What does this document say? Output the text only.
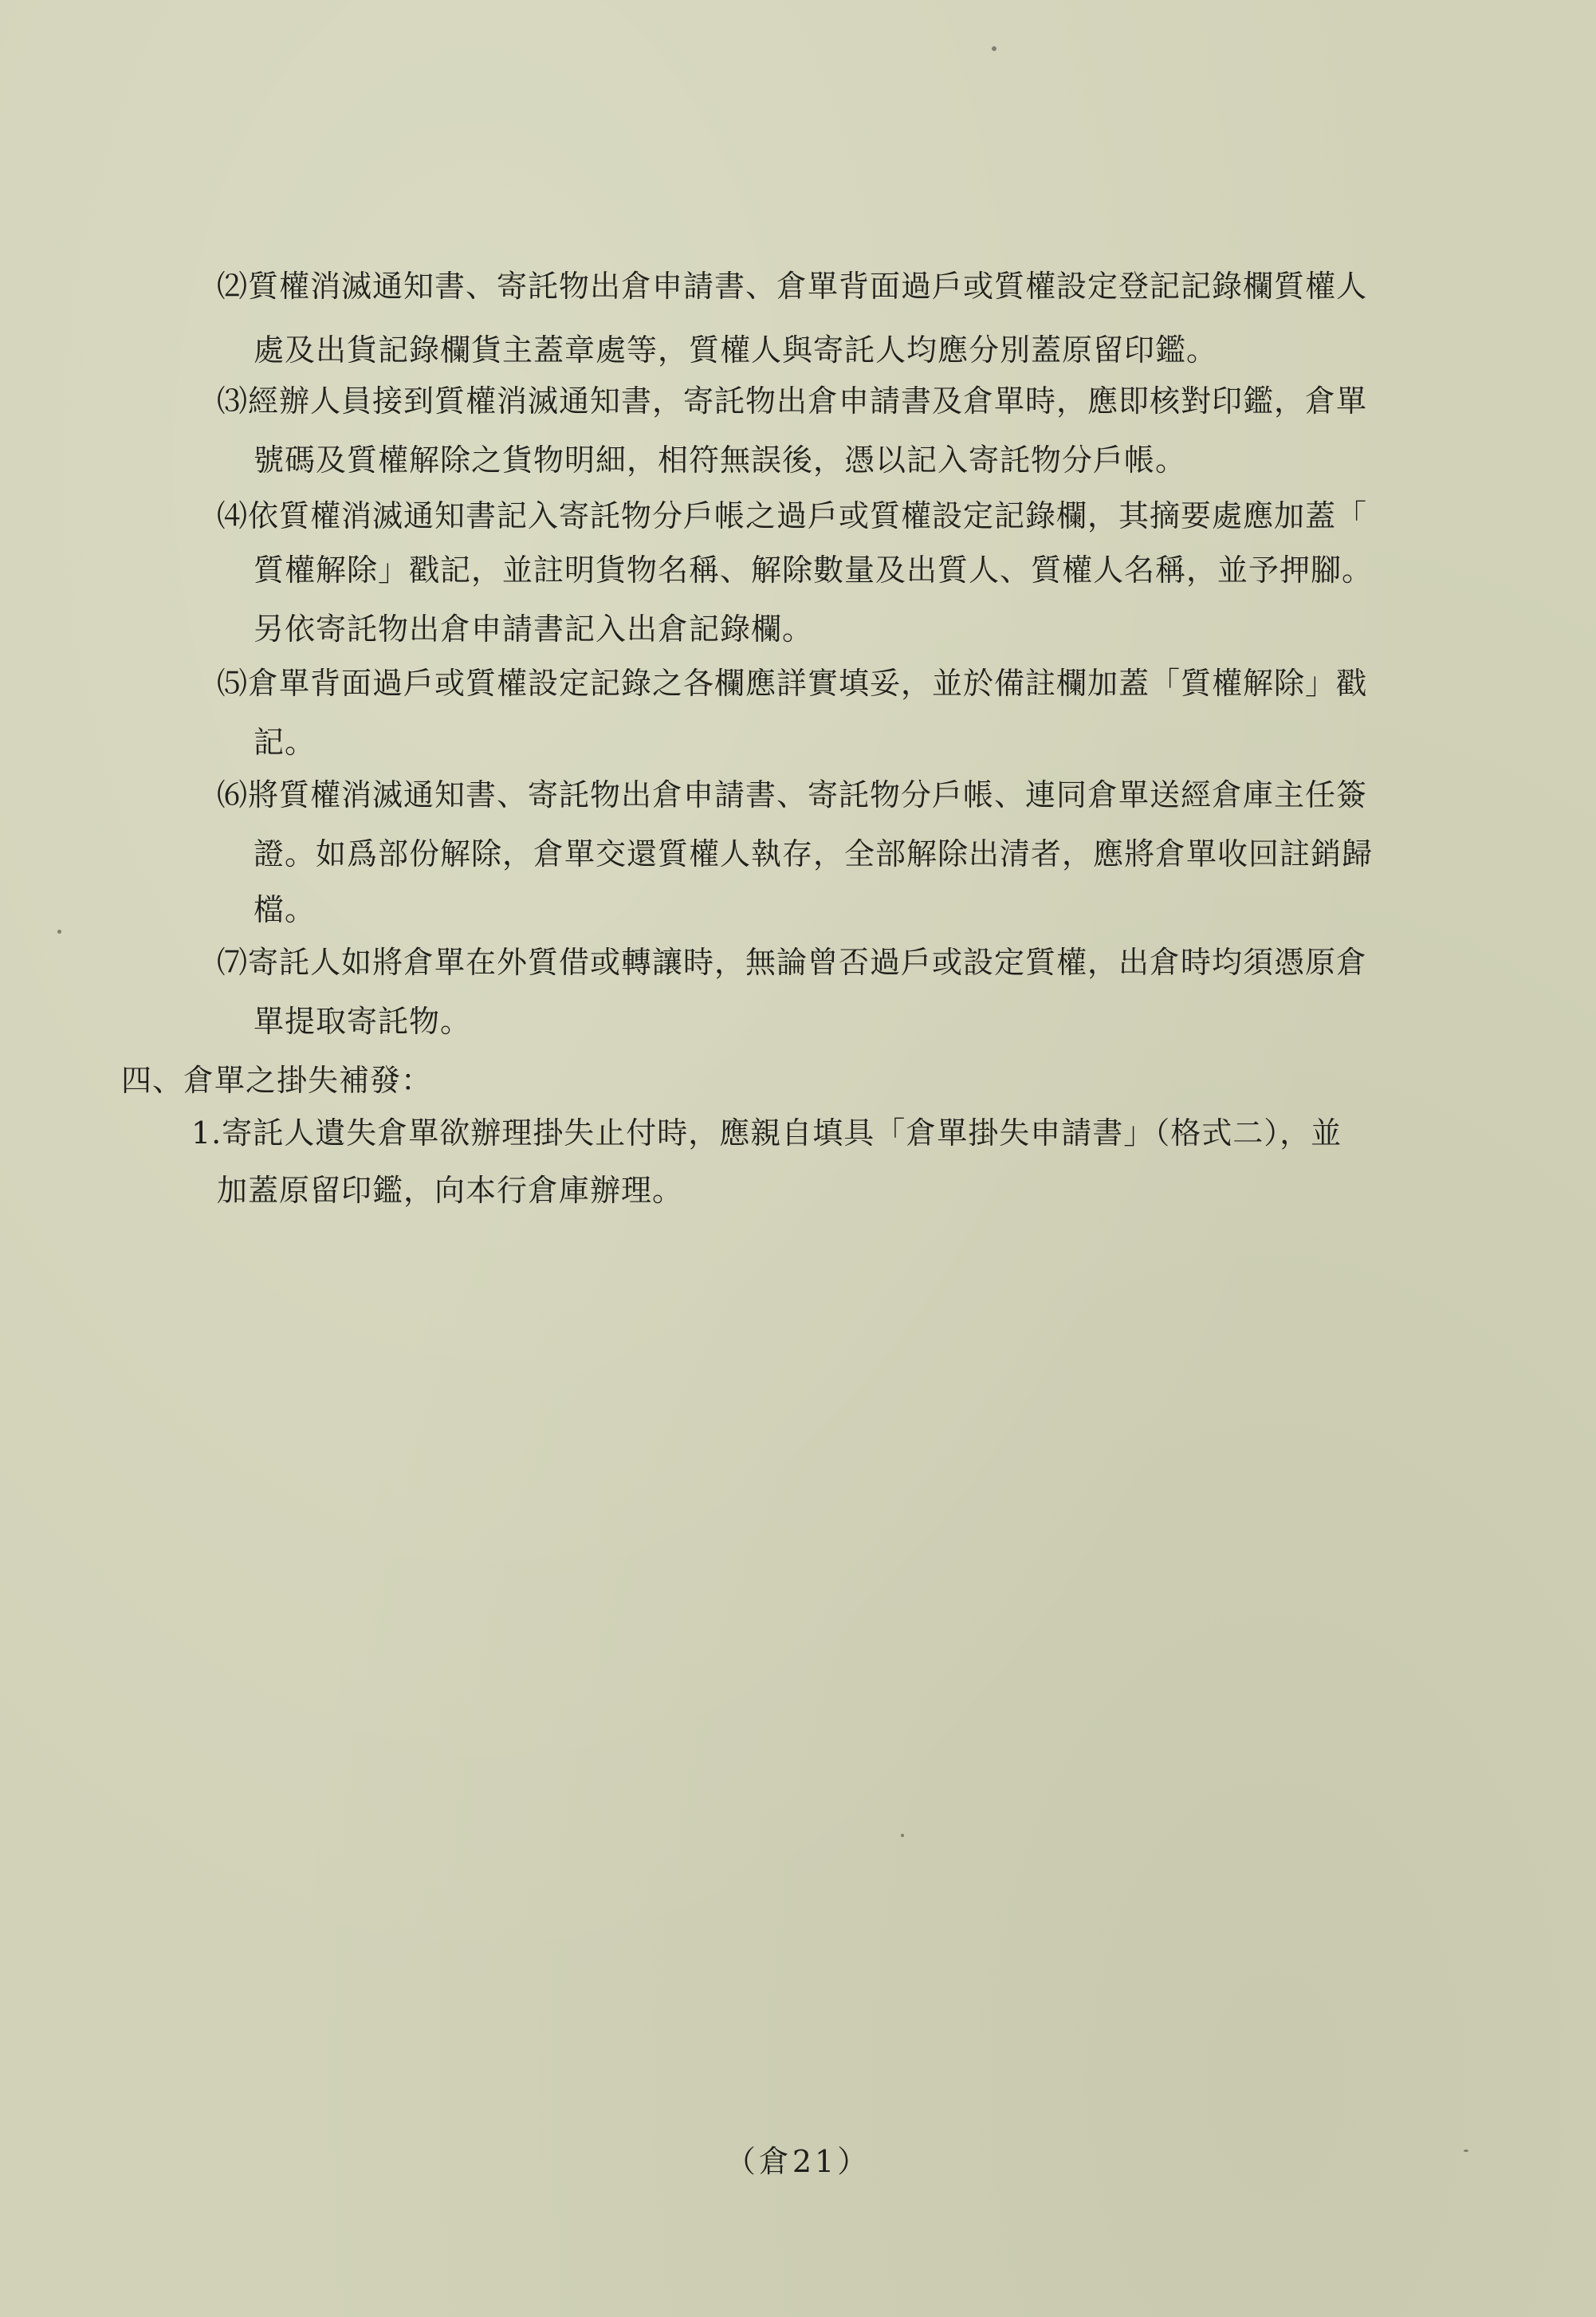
⑵質權消滅通知書、寄託物出倉申請書、倉單背面過戶或質權設定登記記錄欄質權人
處及出貨記錄欄貨主蓋章處等，質權人與寄託人均應分別蓋原留印鑑。
⑶經辦人員接到質權消滅通知書，寄託物出倉申請書及倉單時，應即核對印鑑，倉單
號碼及質權解除之貨物明細，相符無誤後，憑以記入寄託物分戶帳。
⑷依質權消滅通知書記入寄託物分戶帳之過戶或質權設定記錄欄，其摘要處應加蓋「
質權解除」戳記，並註明貨物名稱、解除數量及出質人、質權人名稱，並予押腳。
另依寄託物出倉申請書記入出倉記錄欄。
⑸倉單背面過戶或質權設定記錄之各欄應詳實填妥，並於備註欄加蓋「質權解除」戳
記。
⑹將質權消滅通知書、寄託物出倉申請書、寄託物分戶帳、連同倉單送經倉庫主任簽
證。如爲部份解除，倉單交還質權人執存，全部解除出清者，應將倉單收回註銷歸
檔。
⑺寄託人如將倉單在外質借或轉讓時，無論曾否過戶或設定質權，出倉時均須憑原倉
單提取寄託物。
四、倉單之掛失補發：
1.寄託人遺失倉單欲辦理掛失止付時，應親自填具「倉單掛失申請書」（格式二），並
加蓋原留印鑑，向本行倉庫辦理。
（倉21）
